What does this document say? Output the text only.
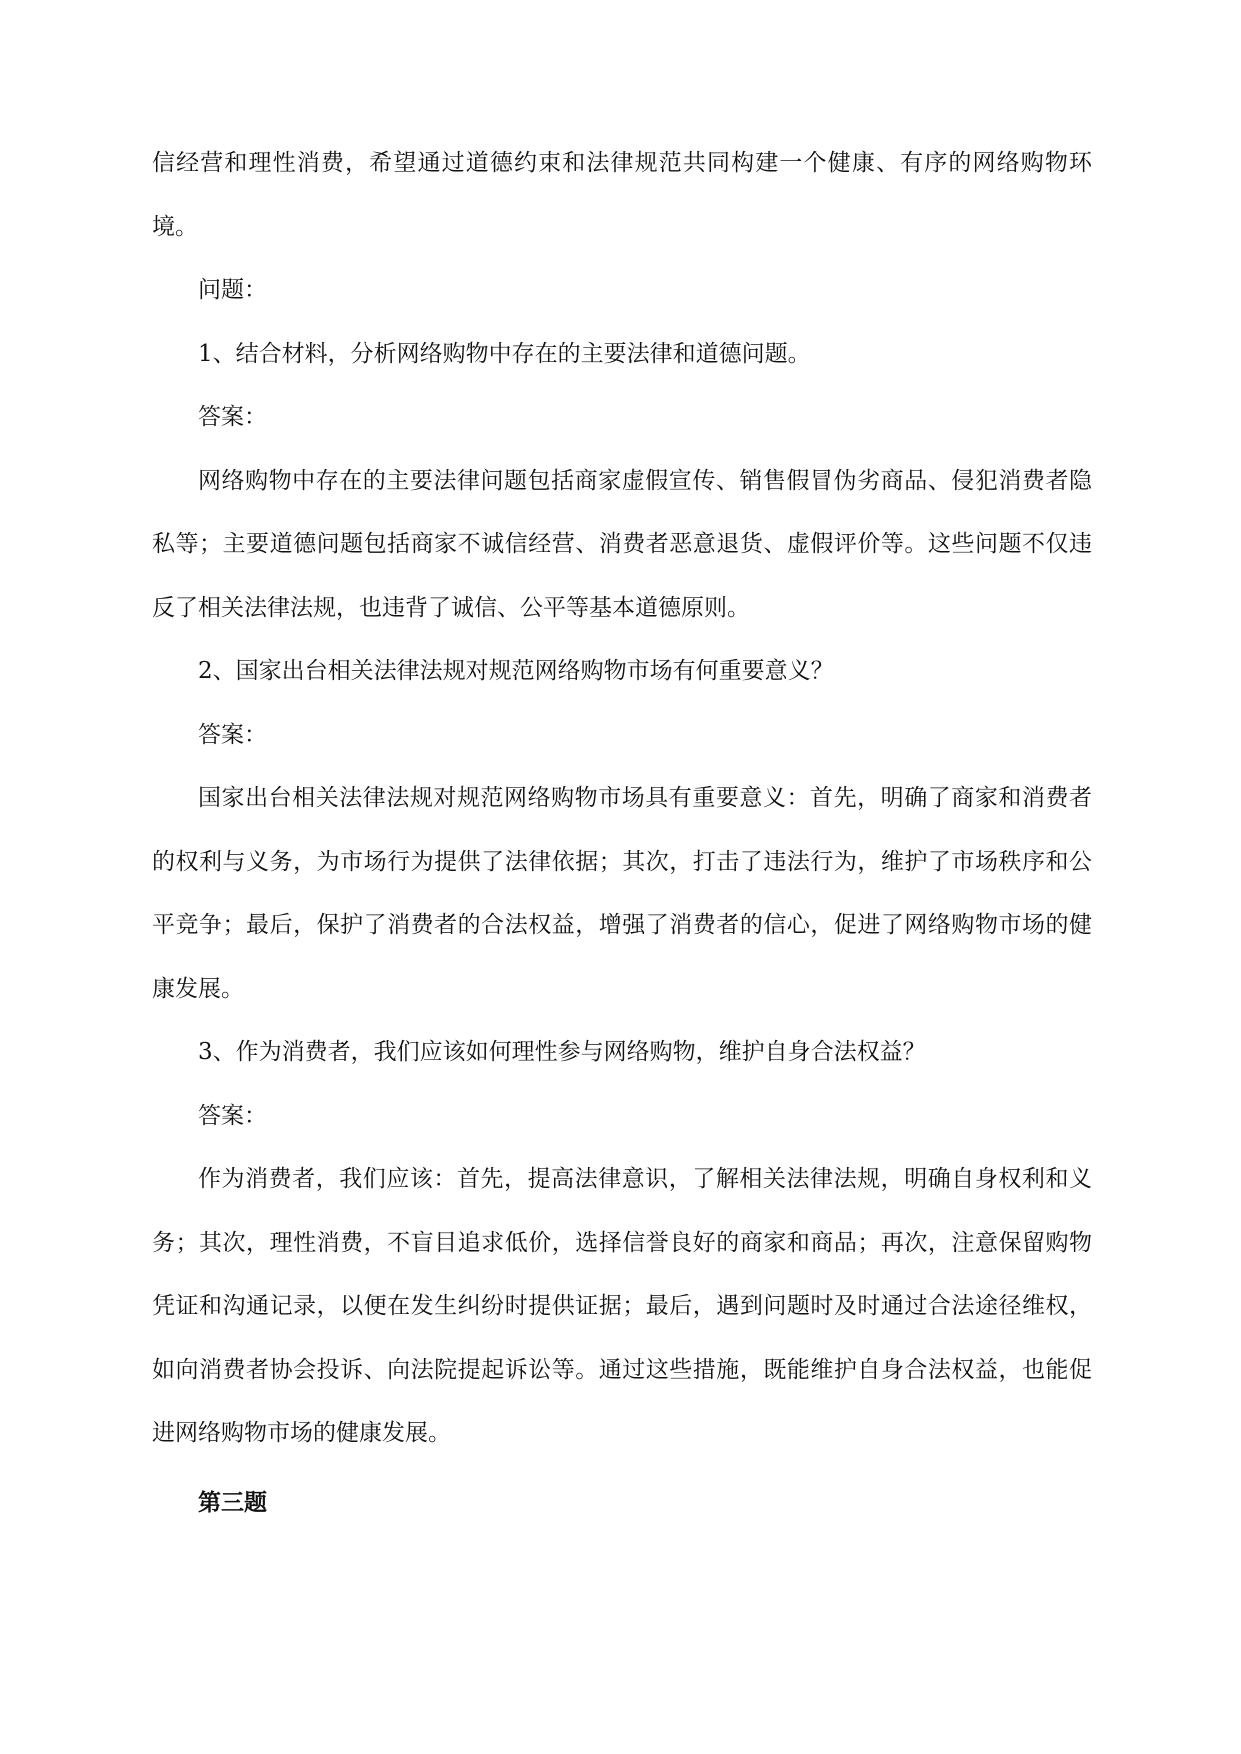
信经营和理性消费，希望通过道德约束和法律规范共同构建一个健康、有序的网络购物环境。

问题：

1、结合材料，分析网络购物中存在的主要法律和道德问题。

答案：

网络购物中存在的主要法律问题包括商家虚假宣传、销售假冒伪劣商品、侵犯消费者隐私等；主要道德问题包括商家不诚信经营、消费者恶意退货、虚假评价等。这些问题不仅违反了相关法律法规，也违背了诚信、公平等基本道德原则。

2、国家出台相关法律法规对规范网络购物市场有何重要意义？

答案：

国家出台相关法律法规对规范网络购物市场具有重要意义：首先，明确了商家和消费者的权利与义务，为市场行为提供了法律依据；其次，打击了违法行为，维护了市场秩序和公平竞争；最后，保护了消费者的合法权益，增强了消费者的信心，促进了网络购物市场的健康发展。

3、作为消费者，我们应该如何理性参与网络购物，维护自身合法权益？

答案：

作为消费者，我们应该：首先，提高法律意识，了解相关法律法规，明确自身权利和义务；其次，理性消费，不盲目追求低价，选择信誉良好的商家和商品；再次，注意保留购物凭证和沟通记录，以便在发生纠纷时提供证据；最后，遇到问题时及时通过合法途径维权，如向消费者协会投诉、向法院提起诉讼等。通过这些措施，既能维护自身合法权益，也能促进网络购物市场的健康发展。

第三题
